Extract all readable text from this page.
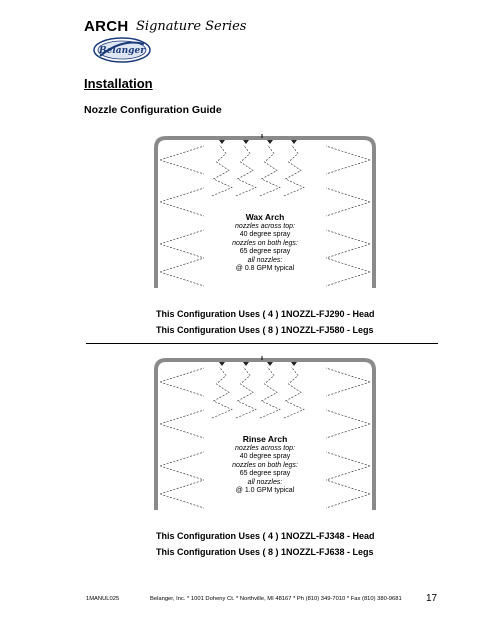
ARCH Signature Series
Belanger
Installation
Nozzle Configuration Guide
Wax Arch
nozzles across top:
40 degree spray
nozzles on both legs:
65 degree spray
all nozzles:
@ 0.8 GPM typical
This Configuration Uses ( 4 ) 1NOZZL-FJ290 - Head
This Configuration Uses ( 8 ) 1NOZZL-FJ580 - Legs
Rinse Arch
nozzles across top:
40 degree spray
nozzles on both legs:
65 degree spray
all nozzles:
@ 1.0 GPM typical
This Configuration Uses ( 4 ) 1NOZZL-FJ348 - Head
This Configuration Uses ( 8 ) 1NOZZL-FJ638 - Legs
1MANUL025	Belanger, Inc. * 1001 Doheny Ct. * Northville, MI 48167 * Ph (810) 349-7010 * Fax (810) 380-9681 17
